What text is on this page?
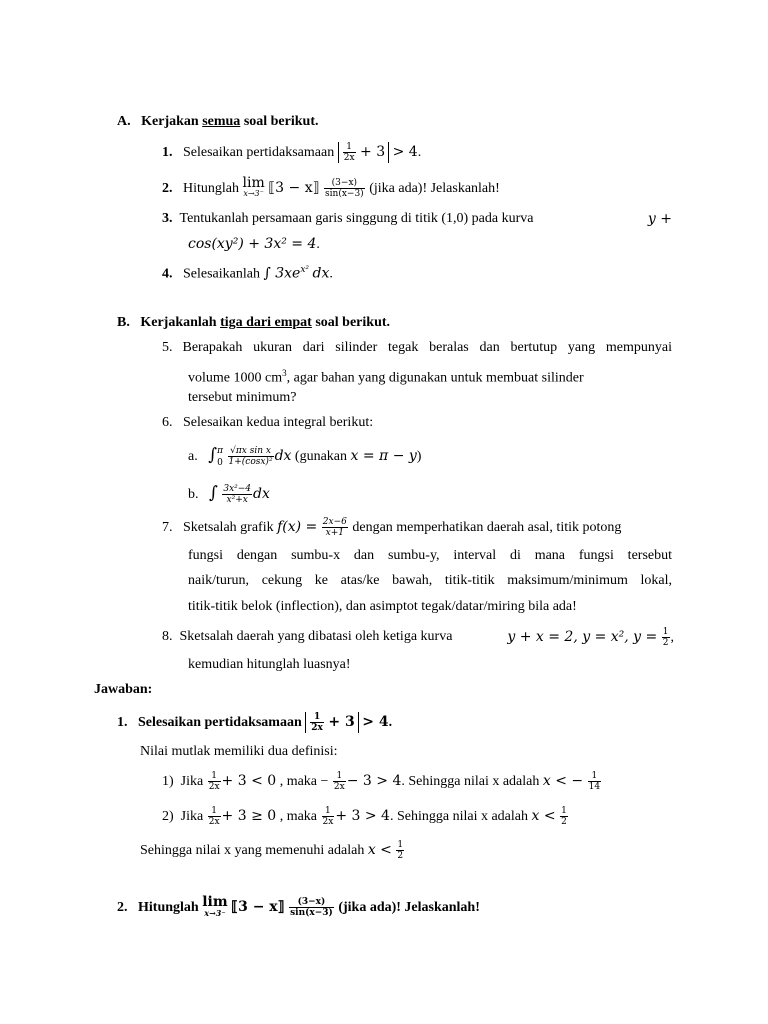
A. Kerjakan semua soal berikut.
1. Selesaikan pertidaksamaan $\frac{1}{2x} + 3 > 4$.
2. Hitunglah lim
x→3⁻ ⟦3 − x⟧ $\frac{(3-x)}{\sin(x-3)}$ (jika ada)! Jelaskanlah!
3. Tentukanlah persamaan garis singgung di titik (1,0) pada kurva	y +
cos(xy²) + 3x² = 4.
4. Selesaikanlah ∫ $3xe^{x^2}$ dx.
B. Kerjakanlah tiga dari empat soal berikut.
5. Berapakah ukuran dari silinder tegak beralas dan bertutup yang mempunyai
volume 1000 $cm^3$, agar bahan yang digunakan untuk membuat silinder
tersebut minimum?
6. Selesaikan kedua integral berikut:
a. ∫ π
0
$\frac{\text{√πx sin x}}{\text{1+(cosx)²}}$ dx (gunakan x = π − y)
b. ∫ $\frac{\text{3x²−4}}{\text{x²+x}}$ dx
7. Sketsalah grafik $f(x) = \frac{2x-6}{x+1}$ dengan memperhatikan daerah asal, titik potong
fungsi dengan sumbu-x dan sumbu-y, interval di mana fungsi tersebut
naik/turun, cekung ke atas/ke bawah, titik-titik maksimum/minimum lokal,
titik-titik belok (inflection), dan asimptot tegak/datar/miring bila ada!
8. Sketsalah daerah yang dibatasi oleh ketiga kurva	y + x = 2, y = x², $y = \frac{1}{2}$ ,
kemudian hitunglah luasnya!
Jawaban:
1. Selesaikan pertidaksamaan $\frac{1}{2x} + 3 > 4$.
Nilai mutlak memiliki dua definisi:
1) Jika $\frac{1}{2x} + 3 < 0$ , maka − $\frac{1}{2x} - 3 > 4$. Sehingga nilai x adalah x < − $\frac{1}{14}$
2) Jika $\frac{1}{2x} + 3 \ge 0$ , maka $\frac{1}{2x} + 3 > 4$. Sehingga nilai x adalah $x < \frac{1}{2}$
Sehingga nilai x yang memenuhi adalah $x < \frac{1}{2}$
2. Hitunglah lim
x→3⁻ ⟦3 − x⟧ $\frac{(3-x)}{\sin(x-3)}$ (jika ada)! Jelaskanlah!
